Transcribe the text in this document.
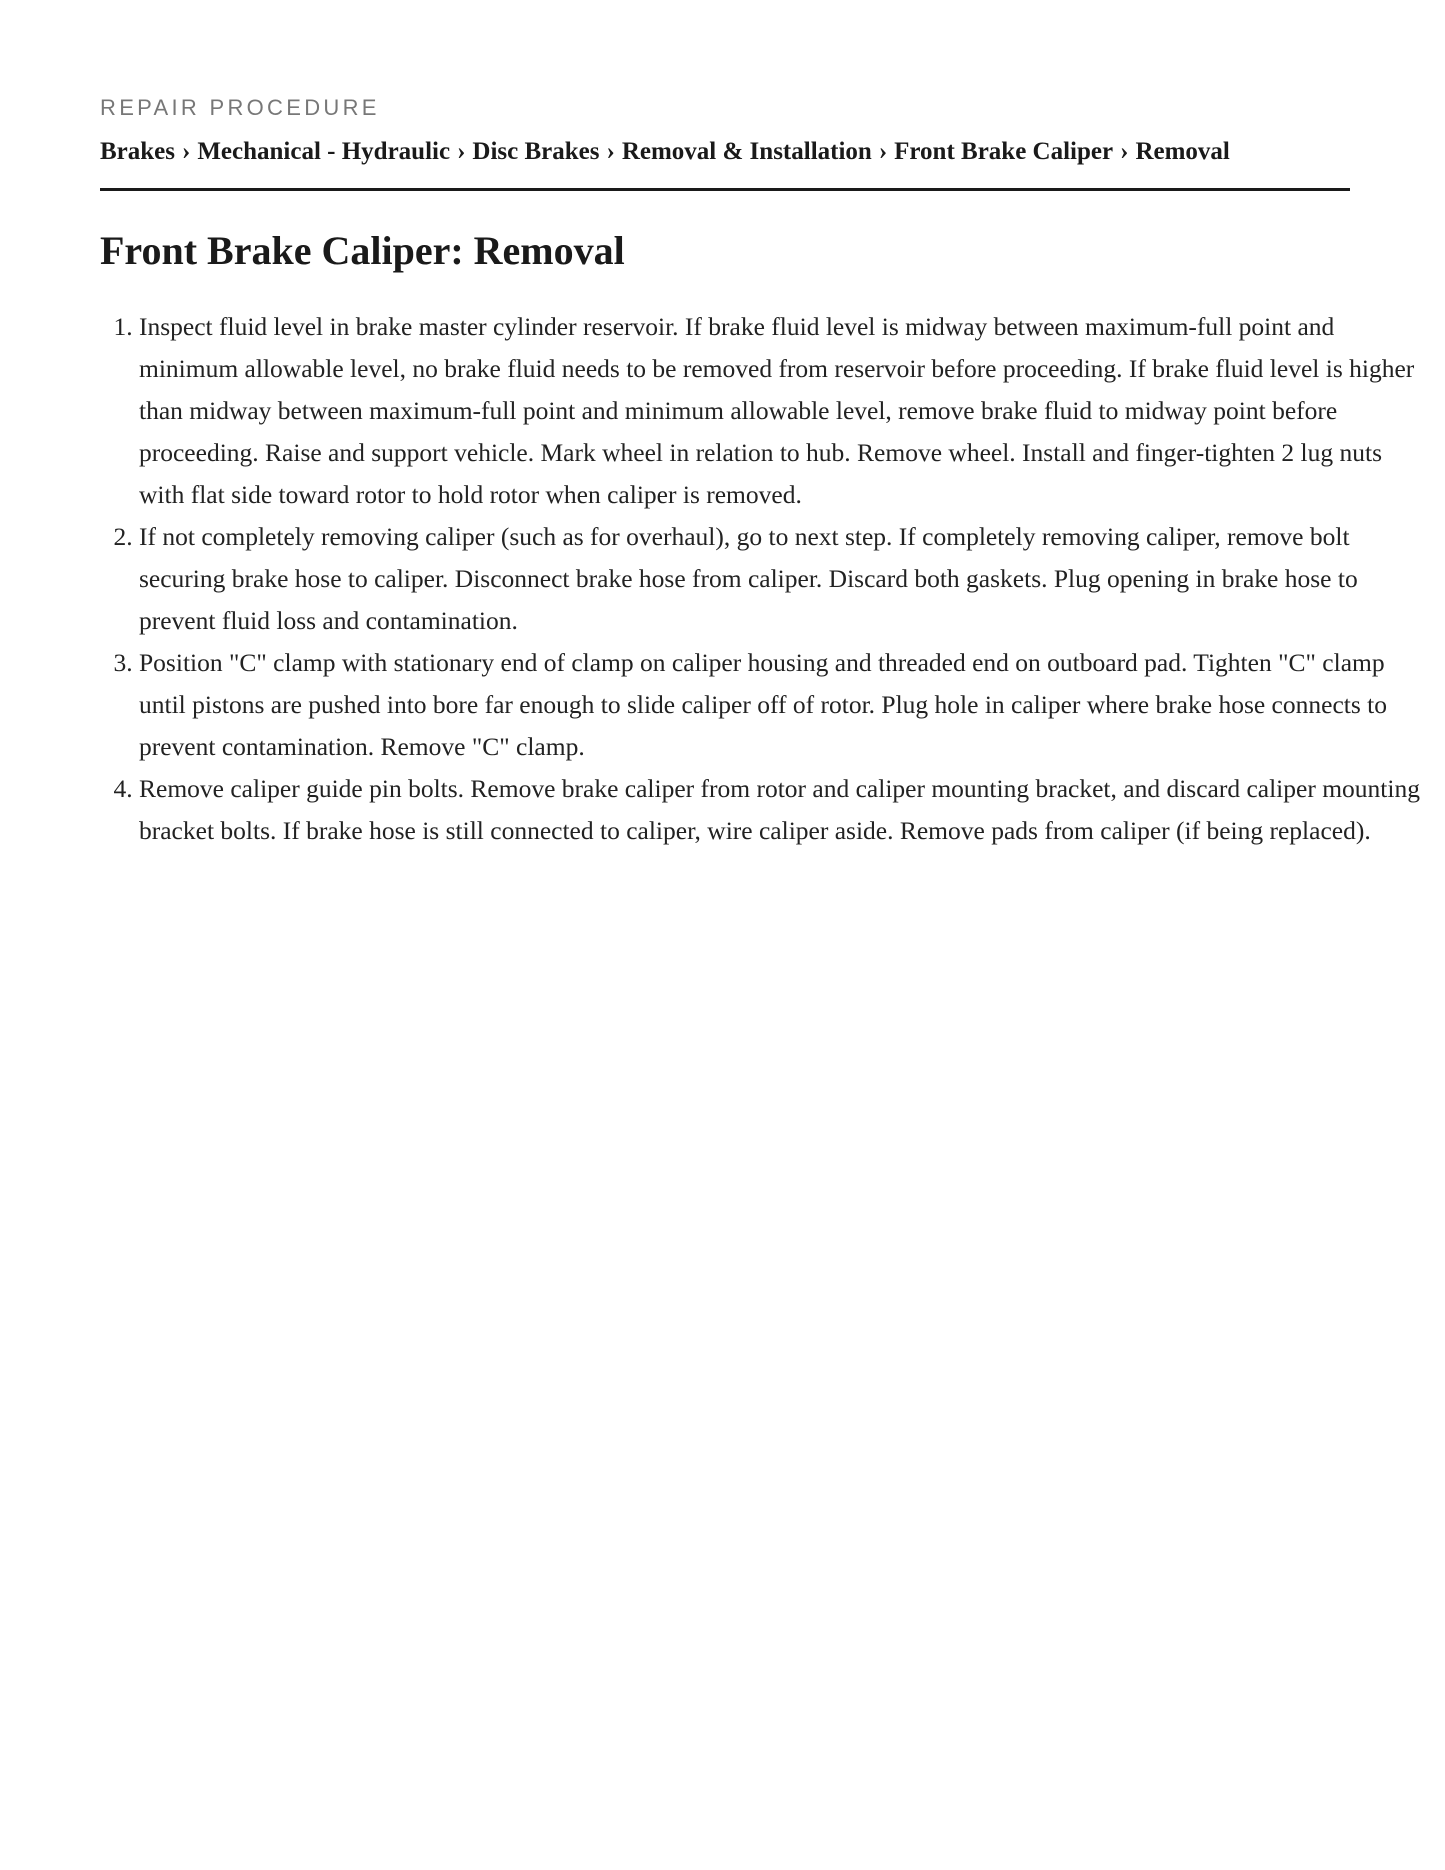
REPAIR PROCEDURE
Brakes › Mechanical - Hydraulic › Disc Brakes › Removal & Installation › Front Brake Caliper › Removal
Front Brake Caliper: Removal
1. Inspect fluid level in brake master cylinder reservoir. If brake fluid level is midway between maximum-full point and minimum allowable level, no brake fluid needs to be removed from reservoir before proceeding. If brake fluid level is higher than midway between maximum-full point and minimum allowable level, remove brake fluid to midway point before proceeding. Raise and support vehicle. Mark wheel in relation to hub. Remove wheel. Install and finger-tighten 2 lug nuts with flat side toward rotor to hold rotor when caliper is removed.
2. If not completely removing caliper (such as for overhaul), go to next step. If completely removing caliper, remove bolt securing brake hose to caliper. Disconnect brake hose from caliper. Discard both gaskets. Plug opening in brake hose to prevent fluid loss and contamination.
3. Position "C" clamp with stationary end of clamp on caliper housing and threaded end on outboard pad. Tighten "C" clamp until pistons are pushed into bore far enough to slide caliper off of rotor. Plug hole in caliper where brake hose connects to prevent contamination. Remove "C" clamp.
4. Remove caliper guide pin bolts. Remove brake caliper from rotor and caliper mounting bracket, and discard caliper mounting bracket bolts. If brake hose is still connected to caliper, wire caliper aside. Remove pads from caliper (if being replaced).
